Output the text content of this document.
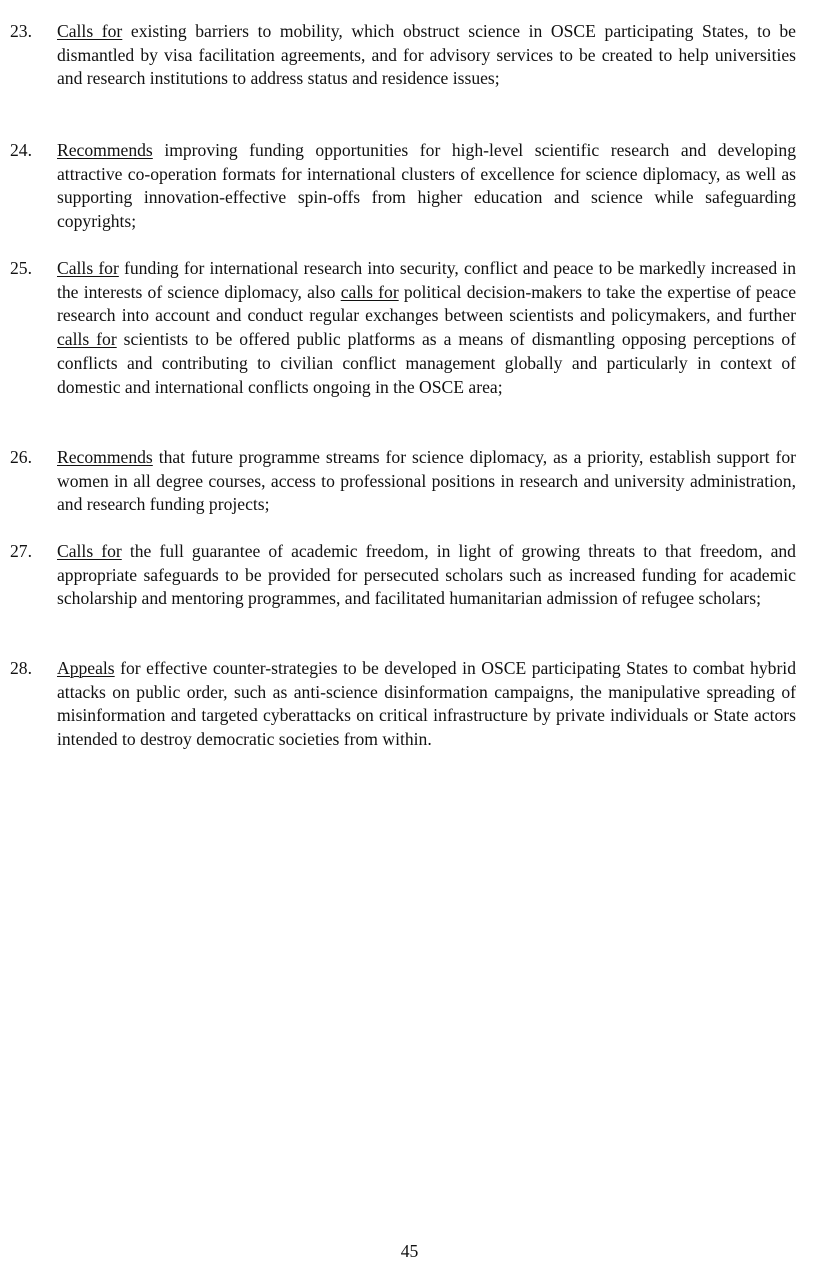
23. Calls for existing barriers to mobility, which obstruct science in OSCE participating States, to be dismantled by visa facilitation agreements, and for advisory services to be created to help universities and research institutions to address status and residence issues;

24. Recommends improving funding opportunities for high-level scientific research and developing attractive co-operation formats for international clusters of excellence for science diplomacy, as well as supporting innovation-effective spin-offs from higher education and science while safeguarding copyrights;

25. Calls for funding for international research into security, conflict and peace to be markedly increased in the interests of science diplomacy, also calls for political decision-makers to take the expertise of peace research into account and conduct regular exchanges between scientists and policymakers, and further calls for scientists to be offered public platforms as a means of dismantling opposing perceptions of conflicts and contributing to civilian conflict management globally and particularly in context of domestic and international conflicts ongoing in the OSCE area;

26. Recommends that future programme streams for science diplomacy, as a priority, establish support for women in all degree courses, access to professional positions in research and university administration, and research funding projects;

27. Calls for the full guarantee of academic freedom, in light of growing threats to that freedom, and appropriate safeguards to be provided for persecuted scholars such as increased funding for academic scholarship and mentoring programmes, and facilitated humanitarian admission of refugee scholars;

28. Appeals for effective counter-strategies to be developed in OSCE participating States to combat hybrid attacks on public order, such as anti-science disinformation campaigns, the manipulative spreading of misinformation and targeted cyberattacks on critical infrastructure by private individuals or State actors intended to destroy democratic societies from within.

45
